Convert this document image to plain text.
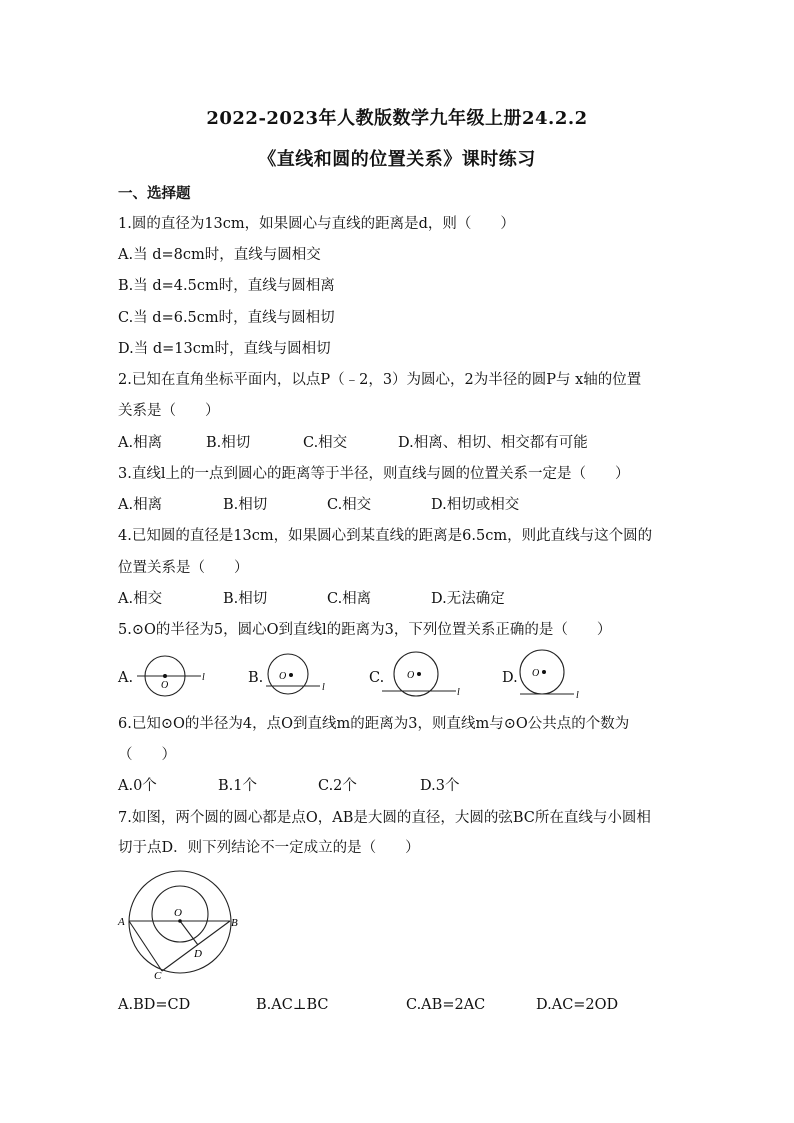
2022-2023年人教版数学九年级上册24.2.2
《直线和圆的位置关系》课时练习
一、选择题
1.圆的直径为13cm，如果圆心与直线的距离是d，则（　　）
A.当 d=8cm时，直线与圆相交
B.当 d=4.5cm时，直线与圆相离
C.当 d=6.5cm时，直线与圆相切
D.当 d=13cm时，直线与圆相切
2.已知在直角坐标平面内，以点P（﹣2，3）为圆心，2为半径的圆P与 x轴的位置
关系是（　　）
A.相离	B.相切	C.相交	D.相离、相切、相交都有可能
3.直线l上的一点到圆心的距离等于半径，则直线与圆的位置关系一定是（　　）
A.相离	B.相切	C.相交	D.相切或相交
4.已知圆的直径是13cm，如果圆心到某直线的距离是6.5cm，则此直线与这个圆的
位置关系是（　　）
A.相交	B.相切	C.相离	D.无法确定
5.⊙O的半径为5，圆心O到直线l的距离为3，下列位置关系正确的是（　　）
A.	O
l	B. O
l
C. O
l
D. O
l
6.已知⊙O的半径为4，点O到直线m的距离为3，则直线m与⊙O公共点的个数为
（　　）
A.0个	B.1个	C.2个	D.3个
7.如图，两个圆的圆心都是点O，AB是大圆的直径，大圆的弦BC所在直线与小圆相
切于点D．则下列结论不一定成立的是（　　）
O
A	B
D
C
A.BD=CD	B.AC⊥BC	C.AB=2AC	D.AC=2OD
